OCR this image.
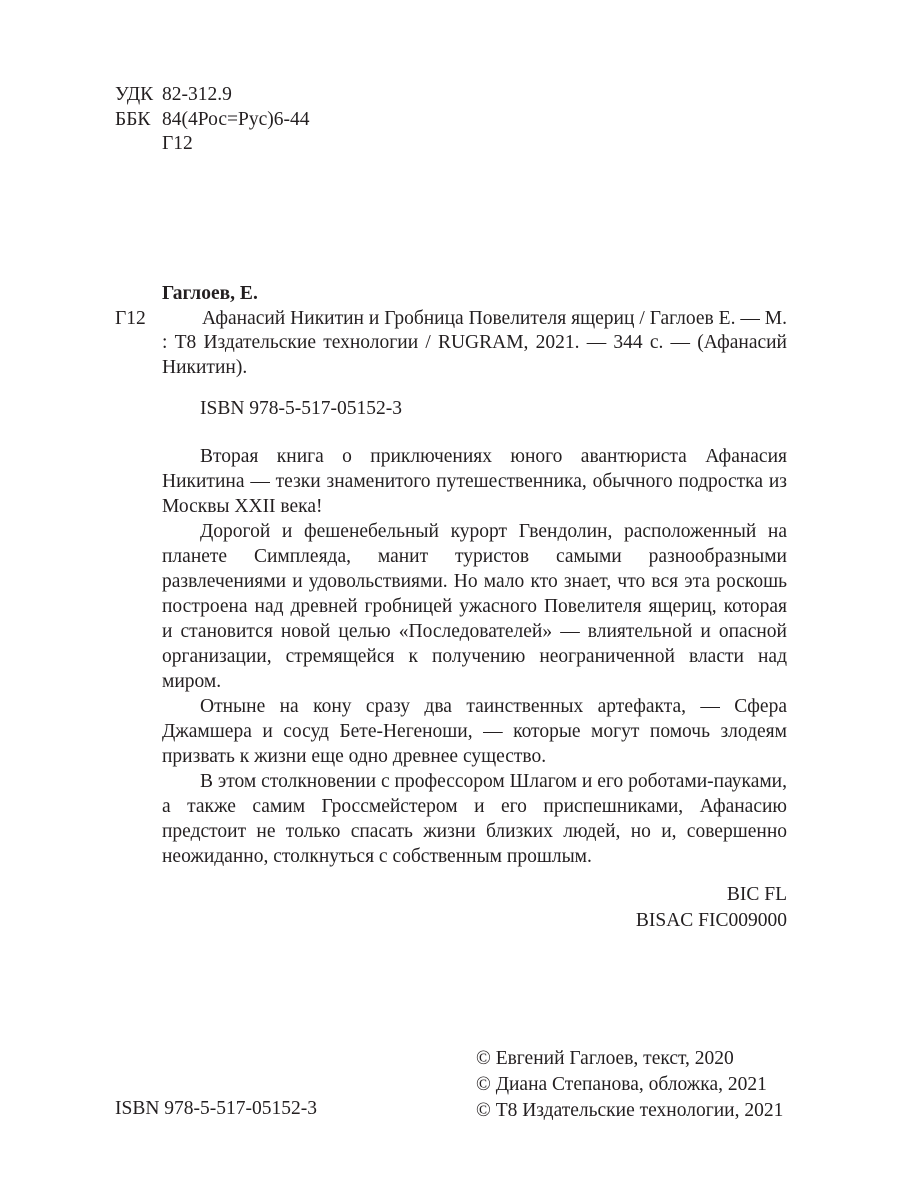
УДК 82-312.9
ББК 84(4Рос=Рус)6-44
Г12
Гаглоев, Е.
Г12	Афанасий Никитин и Гробница Повелителя ящериц / Гаглоев Е. — М. : Т8 Издательские технологии / RUGRAM, 2021. — 344 с. — (Афанасий Никитин).
ISBN 978-5-517-05152-3

Вторая книга о приключениях юного авантюриста Афанасия Никитина — тезки знаменитого путешественника, обычного подростка из Москвы XXII века!

Дорогой и фешенебельный курорт Гвендолин, расположенный на планете Симплеяда, манит туристов самыми разнообразными развлечениями и удовольствиями. Но мало кто знает, что вся эта роскошь построена над древней гробницей ужасного Повелителя ящериц, которая и становится новой целью «Последователей» — влиятельной и опасной организации, стремящейся к получению неограниченной власти над миром.

Отныне на кону сразу два таинственных артефакта, — Сфера Джамшера и сосуд Бете-Негеноши, — которые могут помочь злодеям призвать к жизни еще одно древнее существо.

В этом столкновении с профессором Шлагом и его роботами-пауками, а также самим Гроссмейстером и его приспешниками, Афанасию предстоит не только спасать жизни близких людей, но и, совершенно неожиданно, столкнуться с собственным прошлым.

BIC FL
BISAC FIC009000
ISBN 978-5-517-05152-3
© Евгений Гаглоев, текст, 2020
© Диана Степанова, обложка, 2021
© Т8 Издательские технологии, 2021
